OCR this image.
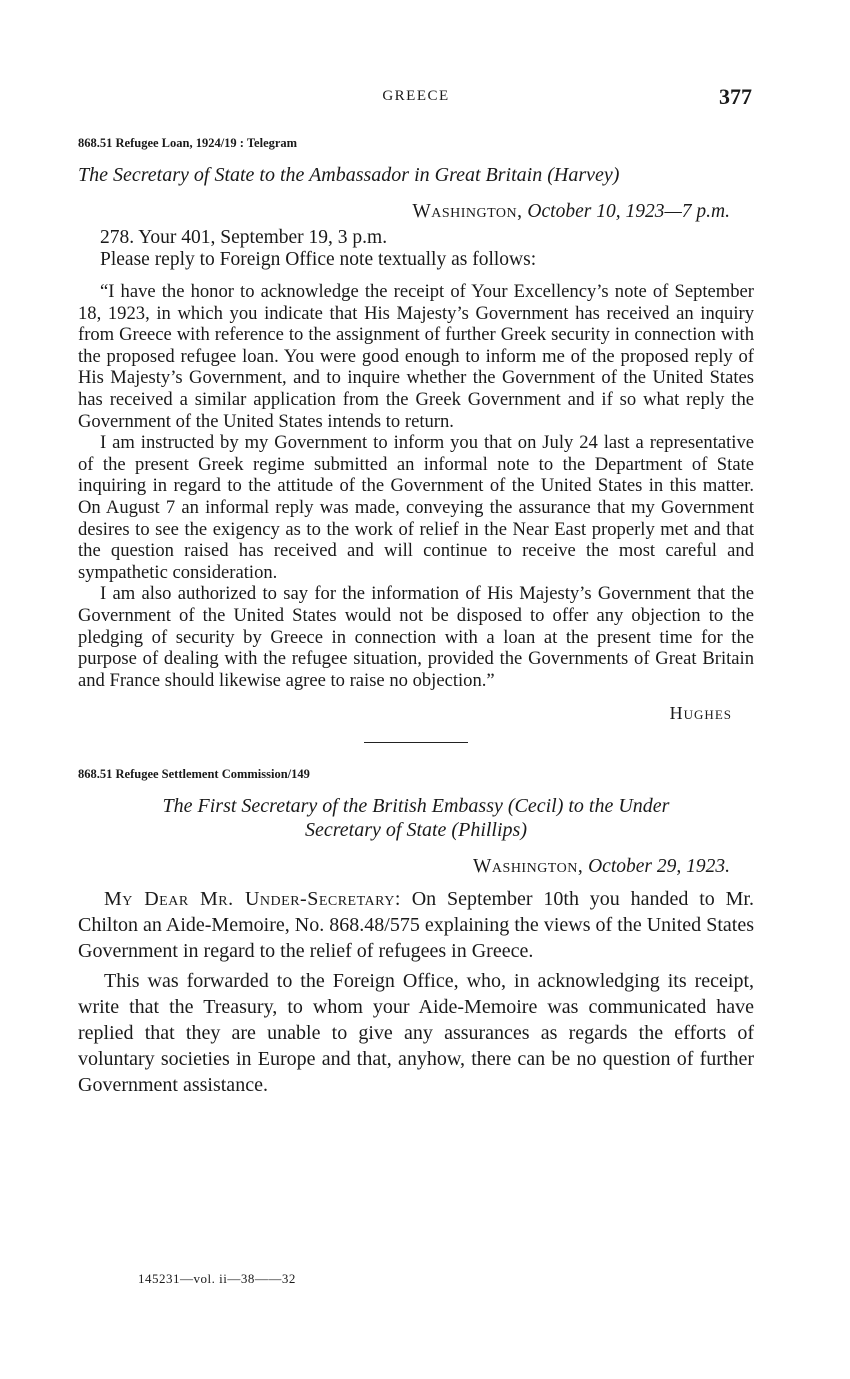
GREECE	377
868.51 Refugee Loan, 1924/19 : Telegram
The Secretary of State to the Ambassador in Great Britain (Harvey)
Washington, October 10, 1923—7 p.m.

278. Your 401, September 19, 3 p.m.

Please reply to Foreign Office note textually as follows:

“I have the honor to acknowledge the receipt of Your Excellency’s note of September 18, 1923, in which you indicate that His Majesty’s Government has received an inquiry from Greece with reference to the assignment of further Greek security in connection with the proposed refugee loan. You were good enough to inform me of the proposed reply of His Majesty’s Government, and to inquire whether the Government of the United States has received a similar application from the Greek Government and if so what reply the Government of the United States intends to return.

I am instructed by my Government to inform you that on July 24 last a representative of the present Greek regime submitted an informal note to the Department of State inquiring in regard to the attitude of the Government of the United States in this matter. On August 7 an informal reply was made, conveying the assurance that my Government desires to see the exigency as to the work of relief in the Near East properly met and that the question raised has received and will continue to receive the most careful and sympathetic consideration.

I am also authorized to say for the information of His Majesty’s Government that the Government of the United States would not be disposed to offer any objection to the pledging of security by Greece in connection with a loan at the present time for the purpose of dealing with the refugee situation, provided the Governments of Great Britain and France should likewise agree to raise no objection.”

Hughes
868.51 Refugee Settlement Commission/149
The First Secretary of the British Embassy (Cecil) to the Under
Secretary of State (Phillips)
Washington, October 29, 1923.

My Dear Mr. Under-Secretary: On September 10th you handed to Mr. Chilton an Aide-Memoire, No. 868.48/575 explaining the views of the United States Government in regard to the relief of refugees in Greece.

This was forwarded to the Foreign Office, who, in acknowledging its receipt, write that the Treasury, to whom your Aide-Memoire was communicated have replied that they are unable to give any assurances as regards the efforts of voluntary societies in Europe and that, anyhow, there can be no question of further Government assistance.

145231—vol. ii—38——32
